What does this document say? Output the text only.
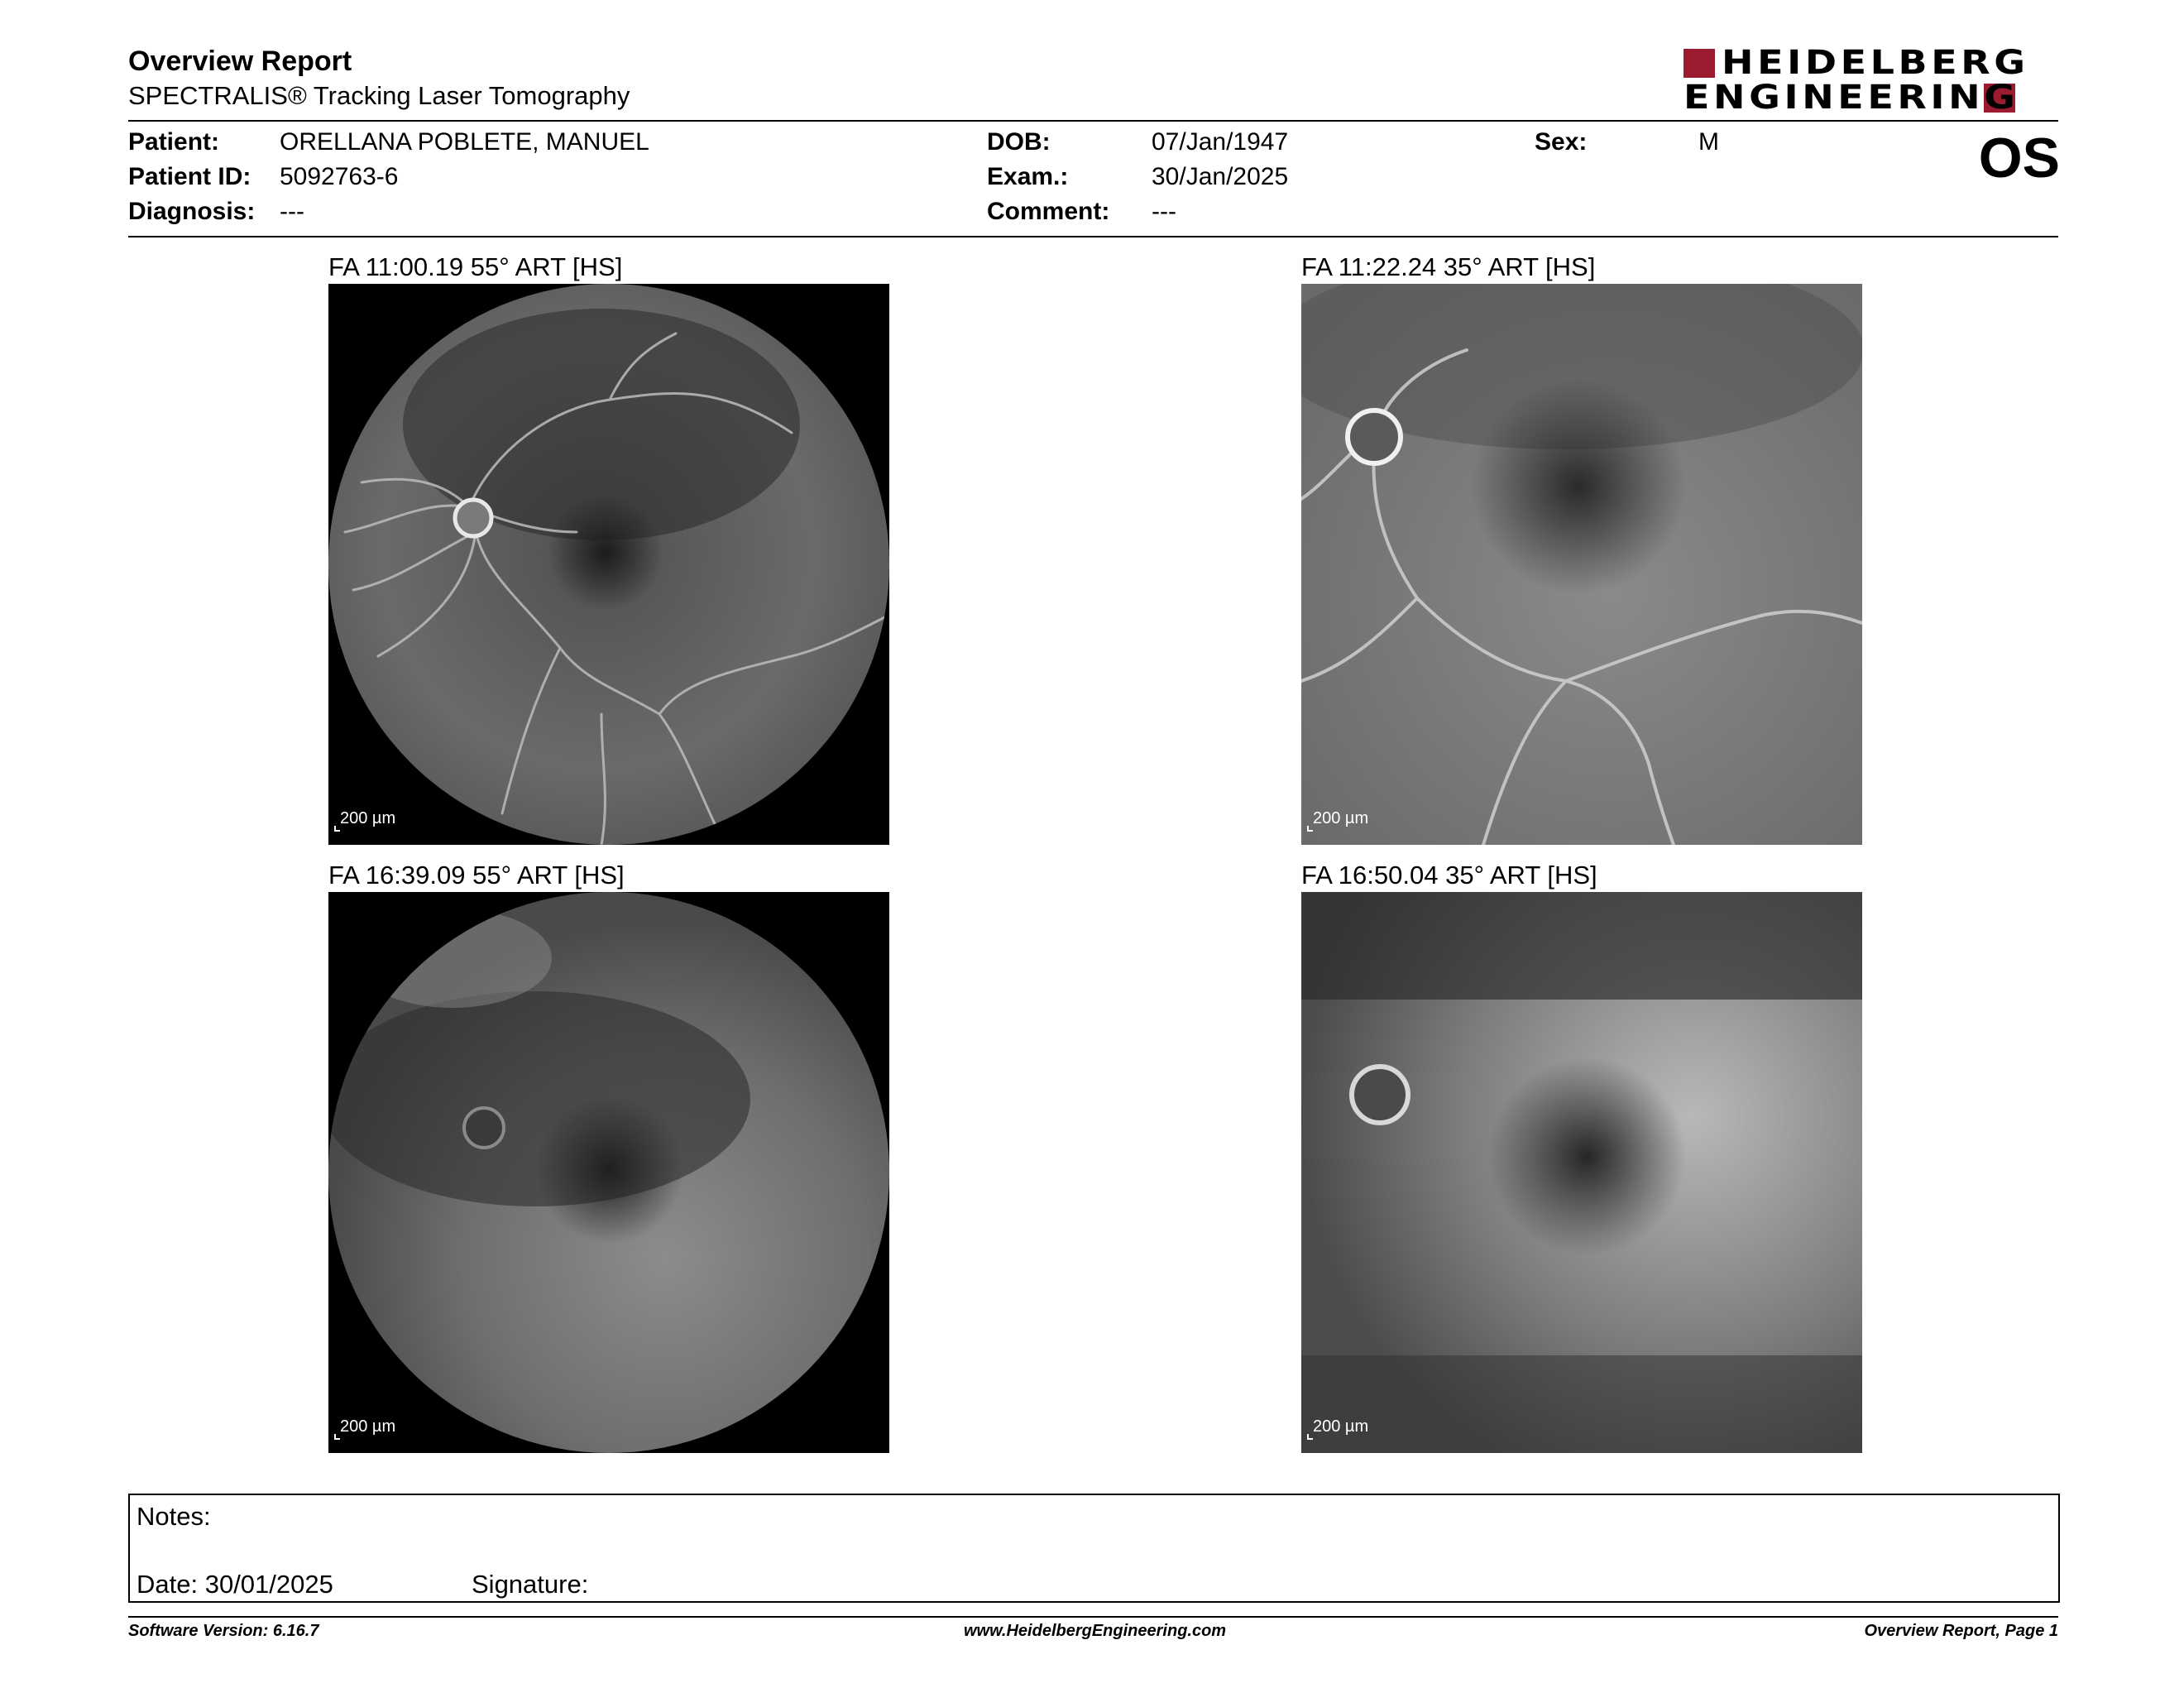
Overview Report
SPECTRALIS® Tracking Laser Tomography
HEIDELBERG
ENGINEERING
Patient: ORELLANA POBLETE, MANUEL
Patient ID: 5092763-6
Diagnosis: ---
DOB:	07/Jan/1947
Exam.:	30/Jan/2025
Comment: ---
Sex:	M	OS
FA 11:00.19 55° ART [HS]
200 µm
FA 11:22.24 35° ART [HS]
200 µm
FA 16:39.09 55° ART [HS]
200 µm
FA 16:50.04 35° ART [HS]
200 µm
Notes:
Date: 30/01/2025	Signature:
Software Version: 6.16.7	www.HeidelbergEngineering.com	Overview Report, Page 1
